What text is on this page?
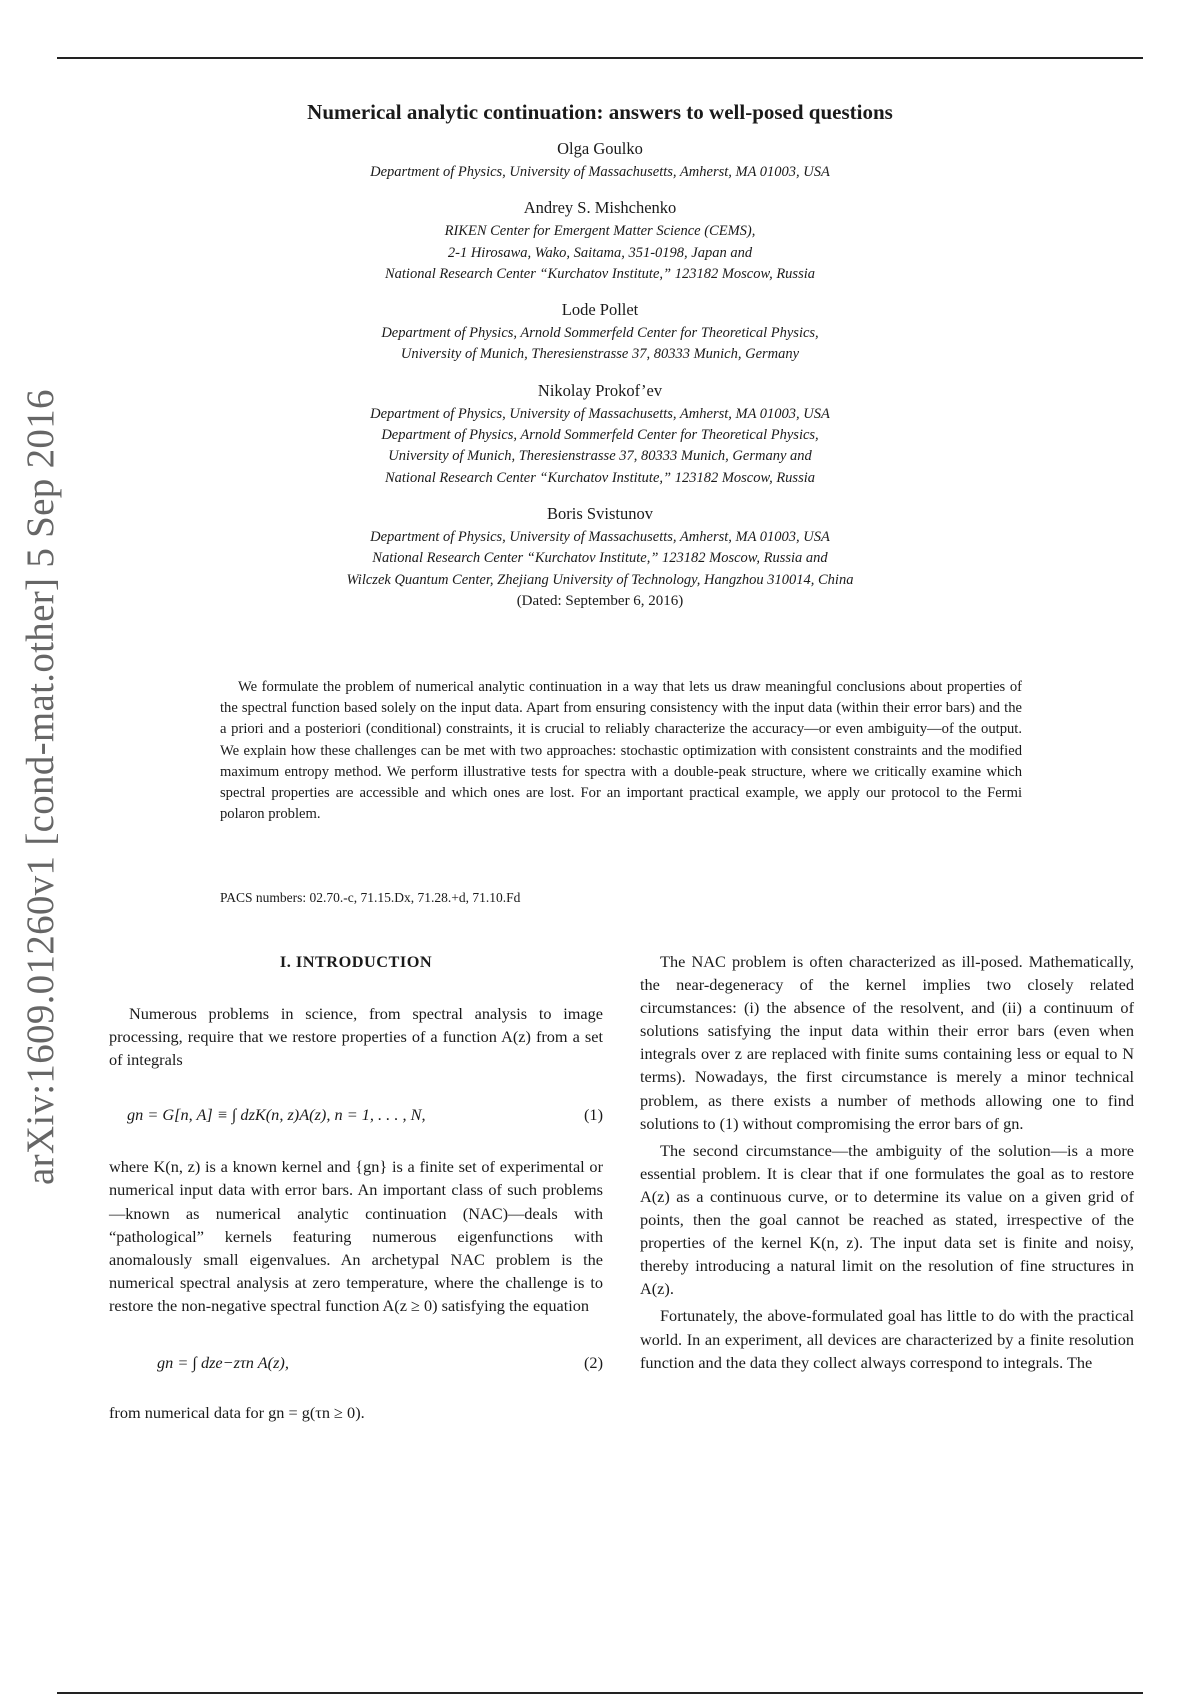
arXiv:1609.01260v1 [cond-mat.other] 5 Sep 2016
Numerical analytic continuation: answers to well-posed questions
Olga Goulko
Department of Physics, University of Massachusetts, Amherst, MA 01003, USA
Andrey S. Mishchenko
RIKEN Center for Emergent Matter Science (CEMS),
2-1 Hirosawa, Wako, Saitama, 351-0198, Japan and
National Research Center “Kurchatov Institute,” 123182 Moscow, Russia
Lode Pollet
Department of Physics, Arnold Sommerfeld Center for Theoretical Physics,
University of Munich, Theresienstrasse 37, 80333 Munich, Germany
Nikolay Prokof’ev
Department of Physics, University of Massachusetts, Amherst, MA 01003, USA
Department of Physics, Arnold Sommerfeld Center for Theoretical Physics,
University of Munich, Theresienstrasse 37, 80333 Munich, Germany and
National Research Center “Kurchatov Institute,” 123182 Moscow, Russia
Boris Svistunov
Department of Physics, University of Massachusetts, Amherst, MA 01003, USA
National Research Center “Kurchatov Institute,” 123182 Moscow, Russia and
Wilczek Quantum Center, Zhejiang University of Technology, Hangzhou 310014, China
(Dated: September 6, 2016)
We formulate the problem of numerical analytic continuation in a way that lets us draw meaningful conclusions about properties of the spectral function based solely on the input data. Apart from ensuring consistency with the input data (within their error bars) and the a priori and a posteriori (conditional) constraints, it is crucial to reliably characterize the accuracy—or even ambiguity—of the output. We explain how these challenges can be met with two approaches: stochastic optimization with consistent constraints and the modified maximum entropy method. We perform illustrative tests for spectra with a double-peak structure, where we critically examine which spectral properties are accessible and which ones are lost. For an important practical example, we apply our protocol to the Fermi polaron problem.
PACS numbers: 02.70.-c, 71.15.Dx, 71.28.+d, 71.10.Fd
I. INTRODUCTION

Numerous problems in science, from spectral analysis to image processing, require that we restore properties of a function A(z) from a set of integrals

gn = G[n, A] ≡ ∫ dzK(n, z)A(z), n = 1, . . . , N,	(1)

where K(n, z) is a known kernel and {gn} is a finite set of experimental or numerical input data with error bars. An important class of such problems—known as numerical analytic continuation (NAC)—deals with “pathological” kernels featuring numerous eigenfunctions with anomalously small eigenvalues. An archetypal NAC problem is the numerical spectral analysis at zero temperature, where the challenge is to restore the non-negative spectral function A(z ≥ 0) satisfying the equation

gn = ∫ dze−zτn A(z),	(2)

from numerical data for gn = g(τn ≥ 0).

The NAC problem is often characterized as ill-posed. Mathematically, the near-degeneracy of the kernel implies two closely related circumstances: (i) the absence of the resolvent, and (ii) a continuum of solutions satisfying the input data within their error bars (even when integrals over z are replaced with finite sums containing less or equal to N terms). Nowadays, the first circumstance is merely a minor technical problem, as there exists a number of methods allowing one to find solutions to (1) without compromising the error bars of gn.

The second circumstance—the ambiguity of the solution—is a more essential problem. It is clear that if one formulates the goal as to restore A(z) as a continuous curve, or to determine its value on a given grid of points, then the goal cannot be reached as stated, irrespective of the properties of the kernel K(n, z). The input data set is finite and noisy, thereby introducing a natural limit on the resolution of fine structures in A(z).

Fortunately, the above-formulated goal has little to do with the practical world. In an experiment, all devices are characterized by a finite resolution function and the data they collect always correspond to integrals. The
